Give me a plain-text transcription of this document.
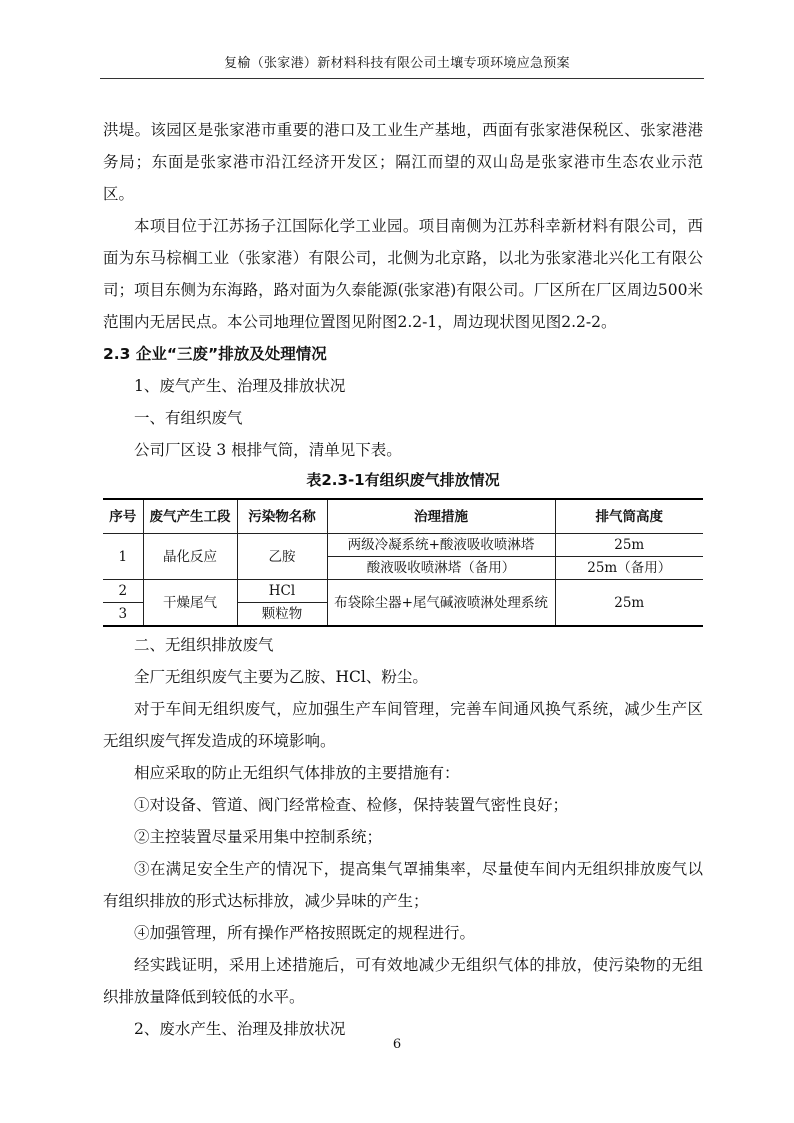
复榆（张家港）新材料科技有限公司土壤专项环境应急预案

洪堤。该园区是张家港市重要的港口及工业生产基地，西面有张家港保税区、张家港港务局；东面是张家港市沿江经济开发区；隔江而望的双山岛是张家港市生态农业示范区。

本项目位于江苏扬子江国际化学工业园。项目南侧为江苏科幸新材料有限公司，西面为东马棕榈工业（张家港）有限公司，北侧为北京路，以北为张家港北兴化工有限公司；项目东侧为东海路，路对面为久泰能源(张家港)有限公司。厂区所在厂区周边500米范围内无居民点。本公司地理位置图见附图2.2-1，周边现状图见图2.2-2。

2.3 企业“三废”排放及处理情况

1、废气产生、治理及排放状况

一、有组织废气

公司厂区设 3 根排气筒，清单见下表。

表2.3-1有组织废气排放情况
序号	废气产生工段	污染物名称	治理措施	排气筒高度
1	晶化反应	乙胺	两级冷凝系统+酸液吸收喷淋塔	25m
			酸液吸收喷淋塔（备用）	25m（备用）
2	干燥尾气	HCl	布袋除尘器+尾气碱液喷淋处理系统	25m
3		颗粒物		

二、无组织排放废气

全厂无组织废气主要为乙胺、HCl、粉尘。

对于车间无组织废气，应加强生产车间管理，完善车间通风换气系统，减少生产区无组织废气挥发造成的环境影响。

相应采取的防止无组织气体排放的主要措施有：

①对设备、管道、阀门经常检查、检修，保持装置气密性良好；

②主控装置尽量采用集中控制系统；

③在满足安全生产的情况下，提高集气罩捕集率，尽量使车间内无组织排放废气以有组织排放的形式达标排放，减少异味的产生；

④加强管理，所有操作严格按照既定的规程进行。

经实践证明，采用上述措施后，可有效地减少无组织气体的排放，使污染物的无组织排放量降低到较低的水平。

2、废水产生、治理及排放状况

6
